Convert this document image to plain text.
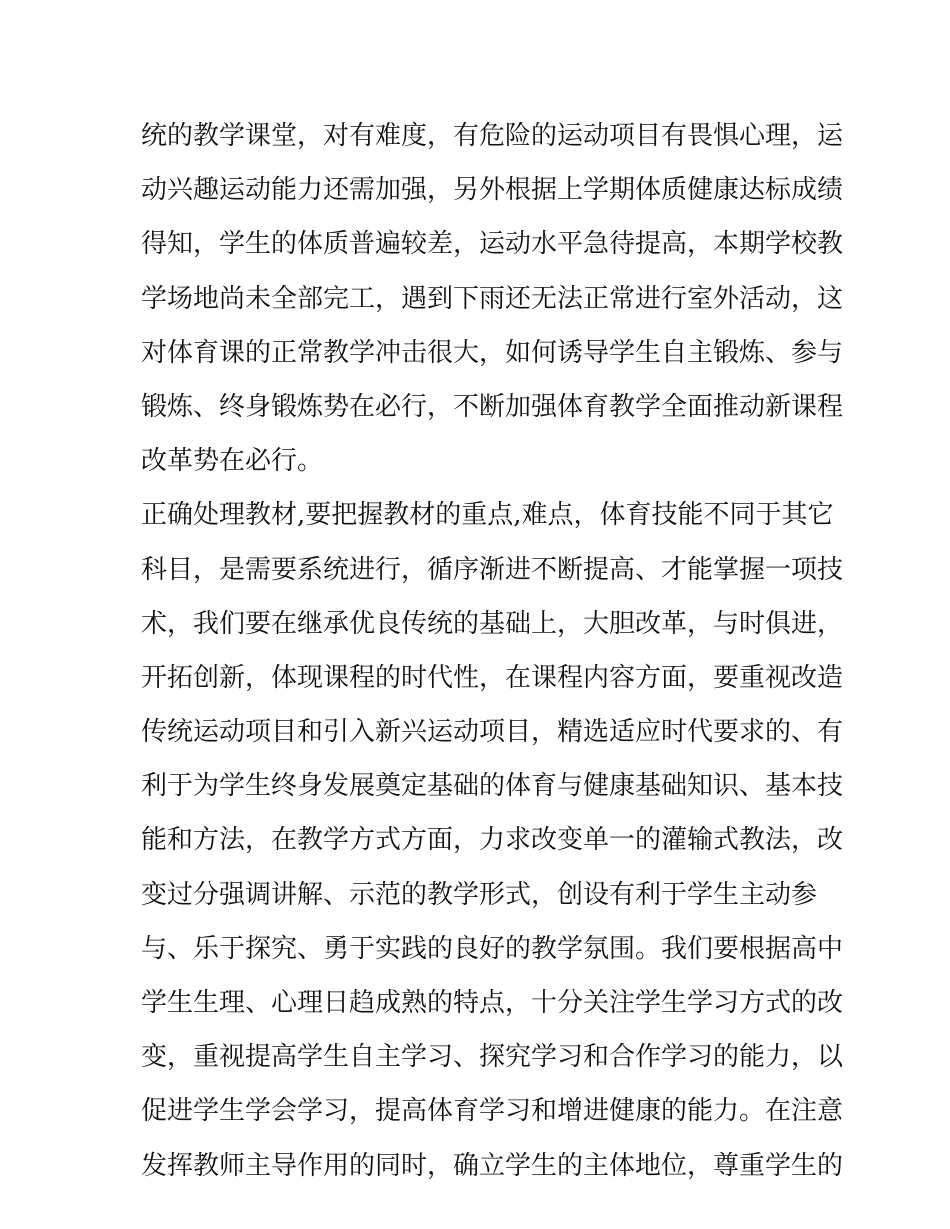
统的教学课堂，对有难度，有危险的运动项目有畏惧心理，运
动兴趣运动能力还需加强，另外根据上学期体质健康达标成绩
得知，学生的体质普遍较差，运动水平急待提高，本期学校教
学场地尚未全部完工，遇到下雨还无法正常进行室外活动，这
对体育课的正常教学冲击很大，如何诱导学生自主锻炼、参与
锻炼、终身锻炼势在必行，不断加强体育教学全面推动新课程
改革势在必行。
正确处理教材,要把握教材的重点,难点，体育技能不同于其它
科目，是需要系统进行，循序渐进不断提高、才能掌握一项技
术，我们要在继承优良传统的基础上，大胆改革，与时俱进，
开拓创新，体现课程的时代性，在课程内容方面，要重视改造
传统运动项目和引入新兴运动项目，精选适应时代要求的、有
利于为学生终身发展奠定基础的体育与健康基础知识、基本技
能和方法，在教学方式方面，力求改变单一的灌输式教法，改
变过分强调讲解、示范的教学形式，创设有利于学生主动参
与、乐于探究、勇于实践的良好的教学氛围。我们要根据高中
学生生理、心理日趋成熟的特点，十分关注学生学习方式的改
变，重视提高学生自主学习、探究学习和合作学习的能力，以
促进学生学会学习，提高体育学习和增进健康的能力。在注意
发挥教师主导作用的同时，确立学生的主体地位，尊重学生的
